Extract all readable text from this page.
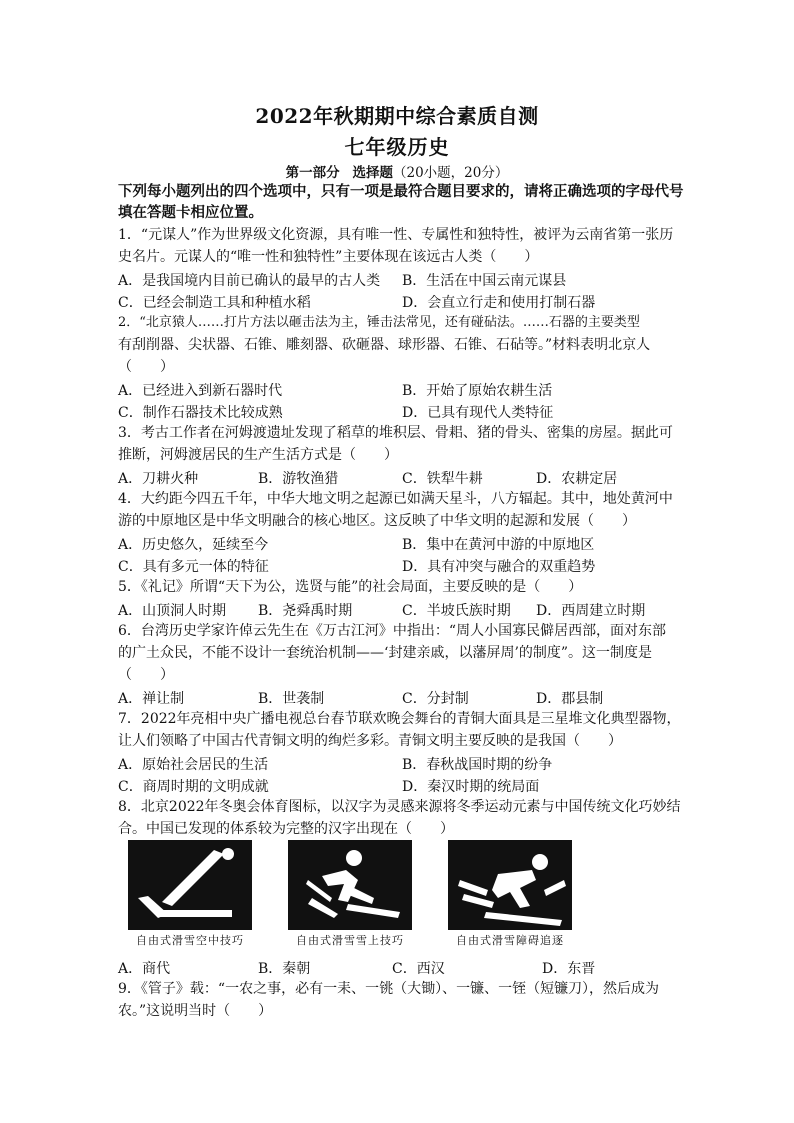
2022年秋期期中综合素质自测
七年级历史
第一部分 选择题（20小题，20分）
下列每小题列出的四个选项中，只有一项是最符合题目要求的，请将正确选项的字母代号
填在答题卡相应位置。
1．“元谋人”作为世界级文化资源，具有唯一性、专属性和独特性，被评为云南省第一张历
史名片。元谋人的“唯一性和独特性”主要体现在该远古人类（　　）
A．是我国境内目前已确认的最早的古人类 B．生活在中国云南元谋县
C．已经会制造工具和种植水稻	D．会直立行走和使用打制石器
2．“北京猿人……打片方法以砸击法为主，锤击法常见，还有碰砧法。……石器的主要类型
有刮削器、尖状器、石锥、雕刻器、砍砸器、球形器、石锥、石砧等。”材料表明北京人
（　　）
A．已经进入到新石器时代	B．开始了原始农耕生活
C．制作石器技术比较成熟	D．已具有现代人类特征
3．考古工作者在河姆渡遗址发现了稻草的堆积层、骨耜、猪的骨头、密集的房屋。据此可
推断，河姆渡居民的生产生活方式是（　　）
A．刀耕火种	B．游牧渔猎	C．铁犁牛耕	D．农耕定居
4．大约距今四五千年，中华大地文明之起源已如满天星斗，八方辐起。其中，地处黄河中
游的中原地区是中华文明融合的核心地区。这反映了中华文明的起源和发展（　　）
A．历史悠久，延续至今	B．集中在黄河中游的中原地区
C．具有多元一体的特征	D．具有冲突与融合的双重趋势
5．《礼记》所谓“天下为公，选贤与能”的社会局面，主要反映的是（　　）
A．山顶洞人时期 B．尧舜禹时期	C．半坡氏族时期 D．西周建立时期
6．台湾历史学家许倬云先生在《万古江河》中指出：“周人小国寡民僻居西部，面对东部
的广土众民，不能不设计一套统治机制——‘封建亲戚，以藩屏周’的制度”。这一制度是
（　　）
A．禅让制	B．世袭制	C．分封制	D．郡县制
7．2022年亮相中央广播电视总台春节联欢晚会舞台的青铜大面具是三星堆文化典型器物，
让人们领略了中国古代青铜文明的绚烂多彩。青铜文明主要反映的是我国（　　）
A．原始社会居民的生活	B．春秋战国时期的纷争
C．商周时期的文明成就	D．秦汉时期的统局面
8．北京2022年冬奥会体育图标，以汉字为灵感来源将冬季运动元素与中国传统文化巧妙结
合。中国已发现的体系较为完整的汉字出现在（　　）
自由式滑雪空中技巧	自由式滑雪雪上技巧	自由式滑雪障碍追逐
A．商代	B．秦朝	C．西汉	D．东晋
9．《管子》载：“一农之事，必有一耒、一铫（大锄）、一镰、一铚（短镰刀），然后成为
农。”这说明当时（　　）
